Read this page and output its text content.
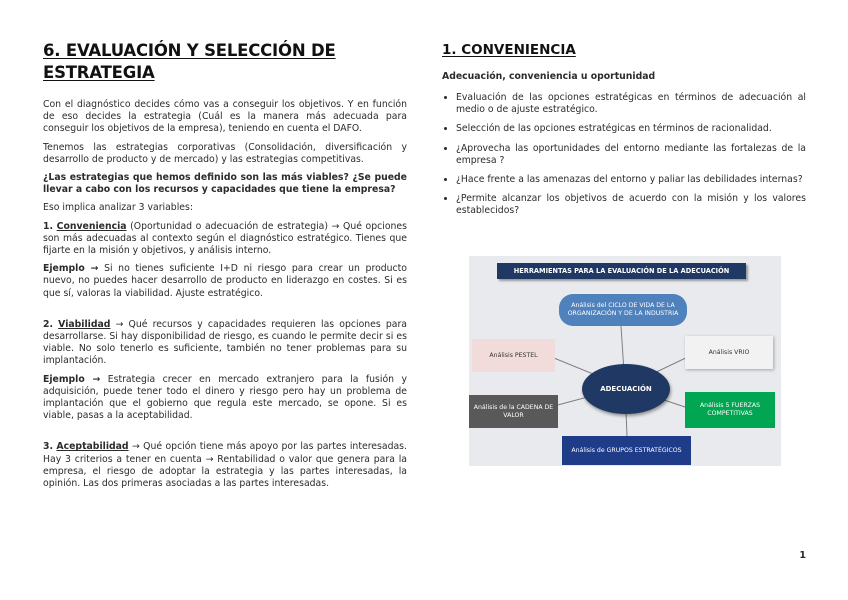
6. EVALUACIÓN Y SELECCIÓN DE ESTRATEGIA

Con el diagnóstico decides cómo vas a conseguir los objetivos. Y en función de eso decides la estrategia (Cuál es la manera más adecuada para conseguir los objetivos de la empresa), teniendo en cuenta el DAFO.

Tenemos las estrategias corporativas (Consolidación, diversificación y desarrollo de producto y de mercado) y las estrategias competitivas.

¿Las estrategias que hemos definido son las más viables? ¿Se puede llevar a cabo con los recursos y capacidades que tiene la empresa?

Eso implica analizar 3 variables:

1. Conveniencia (Oportunidad o adecuación de estrategia) → Qué opciones son más adecuadas al contexto según el diagnóstico estratégico. Tienes que fijarte en la misión y objetivos, y análisis interno.

Ejemplo → Si no tienes suficiente I+D ni riesgo para crear un producto nuevo, no puedes hacer desarrollo de producto en liderazgo en costes. Si es que sí, valoras la viabilidad. Ajuste estratégico.

2. Viabilidad → Qué recursos y capacidades requieren las opciones para desarrollarse. Si hay disponibilidad de riesgo, es cuando le permite decir si es viable. No solo tenerlo es suficiente, también no tener problemas para su implantación.

Ejemplo → Estrategia crecer en mercado extranjero para la fusión y adquisición, puede tener todo el dinero y riesgo pero hay un problema de implantación que el gobierno que regula este mercado, se opone. Si es viable, pasas a la aceptabilidad.

3. Aceptabilidad → Qué opción tiene más apoyo por las partes interesadas. Hay 3 criterios a tener en cuenta → Rentabilidad o valor que genera para la empresa, el riesgo de adoptar la estrategia y las partes interesadas, la opinión. Las dos primeras asociadas a las partes interesadas.

1. CONVENIENCIA
Adecuación, conveniencia u oportunidad
• Evaluación de las opciones estratégicas en términos de adecuación al medio o de ajuste estratégico.
• Selección de las opciones estratégicas en términos de racionalidad.
• ¿Aprovecha las oportunidades del entorno mediante las fortalezas de la empresa ?
• ¿Hace frente a las amenazas del entorno y paliar las debilidades internas?
• ¿Permite alcanzar los objetivos de acuerdo con la misión y los valores establecidos?
HERRAMIENTAS PARA LA EVALUACIÓN DE LA ADECUACIÓN
Análisis del CICLO DE VIDA DE LA ORGANIZACIÓN Y DE LA INDUSTRIA
Análisis PESTEL	Análisis VRIO
ADECUACIÓN
Análisis de la CADENA DE VALOR
Análisis 5 FUERZAS COMPETITIVAS
Análisis de GRUPOS ESTRATÉGICOS
1
